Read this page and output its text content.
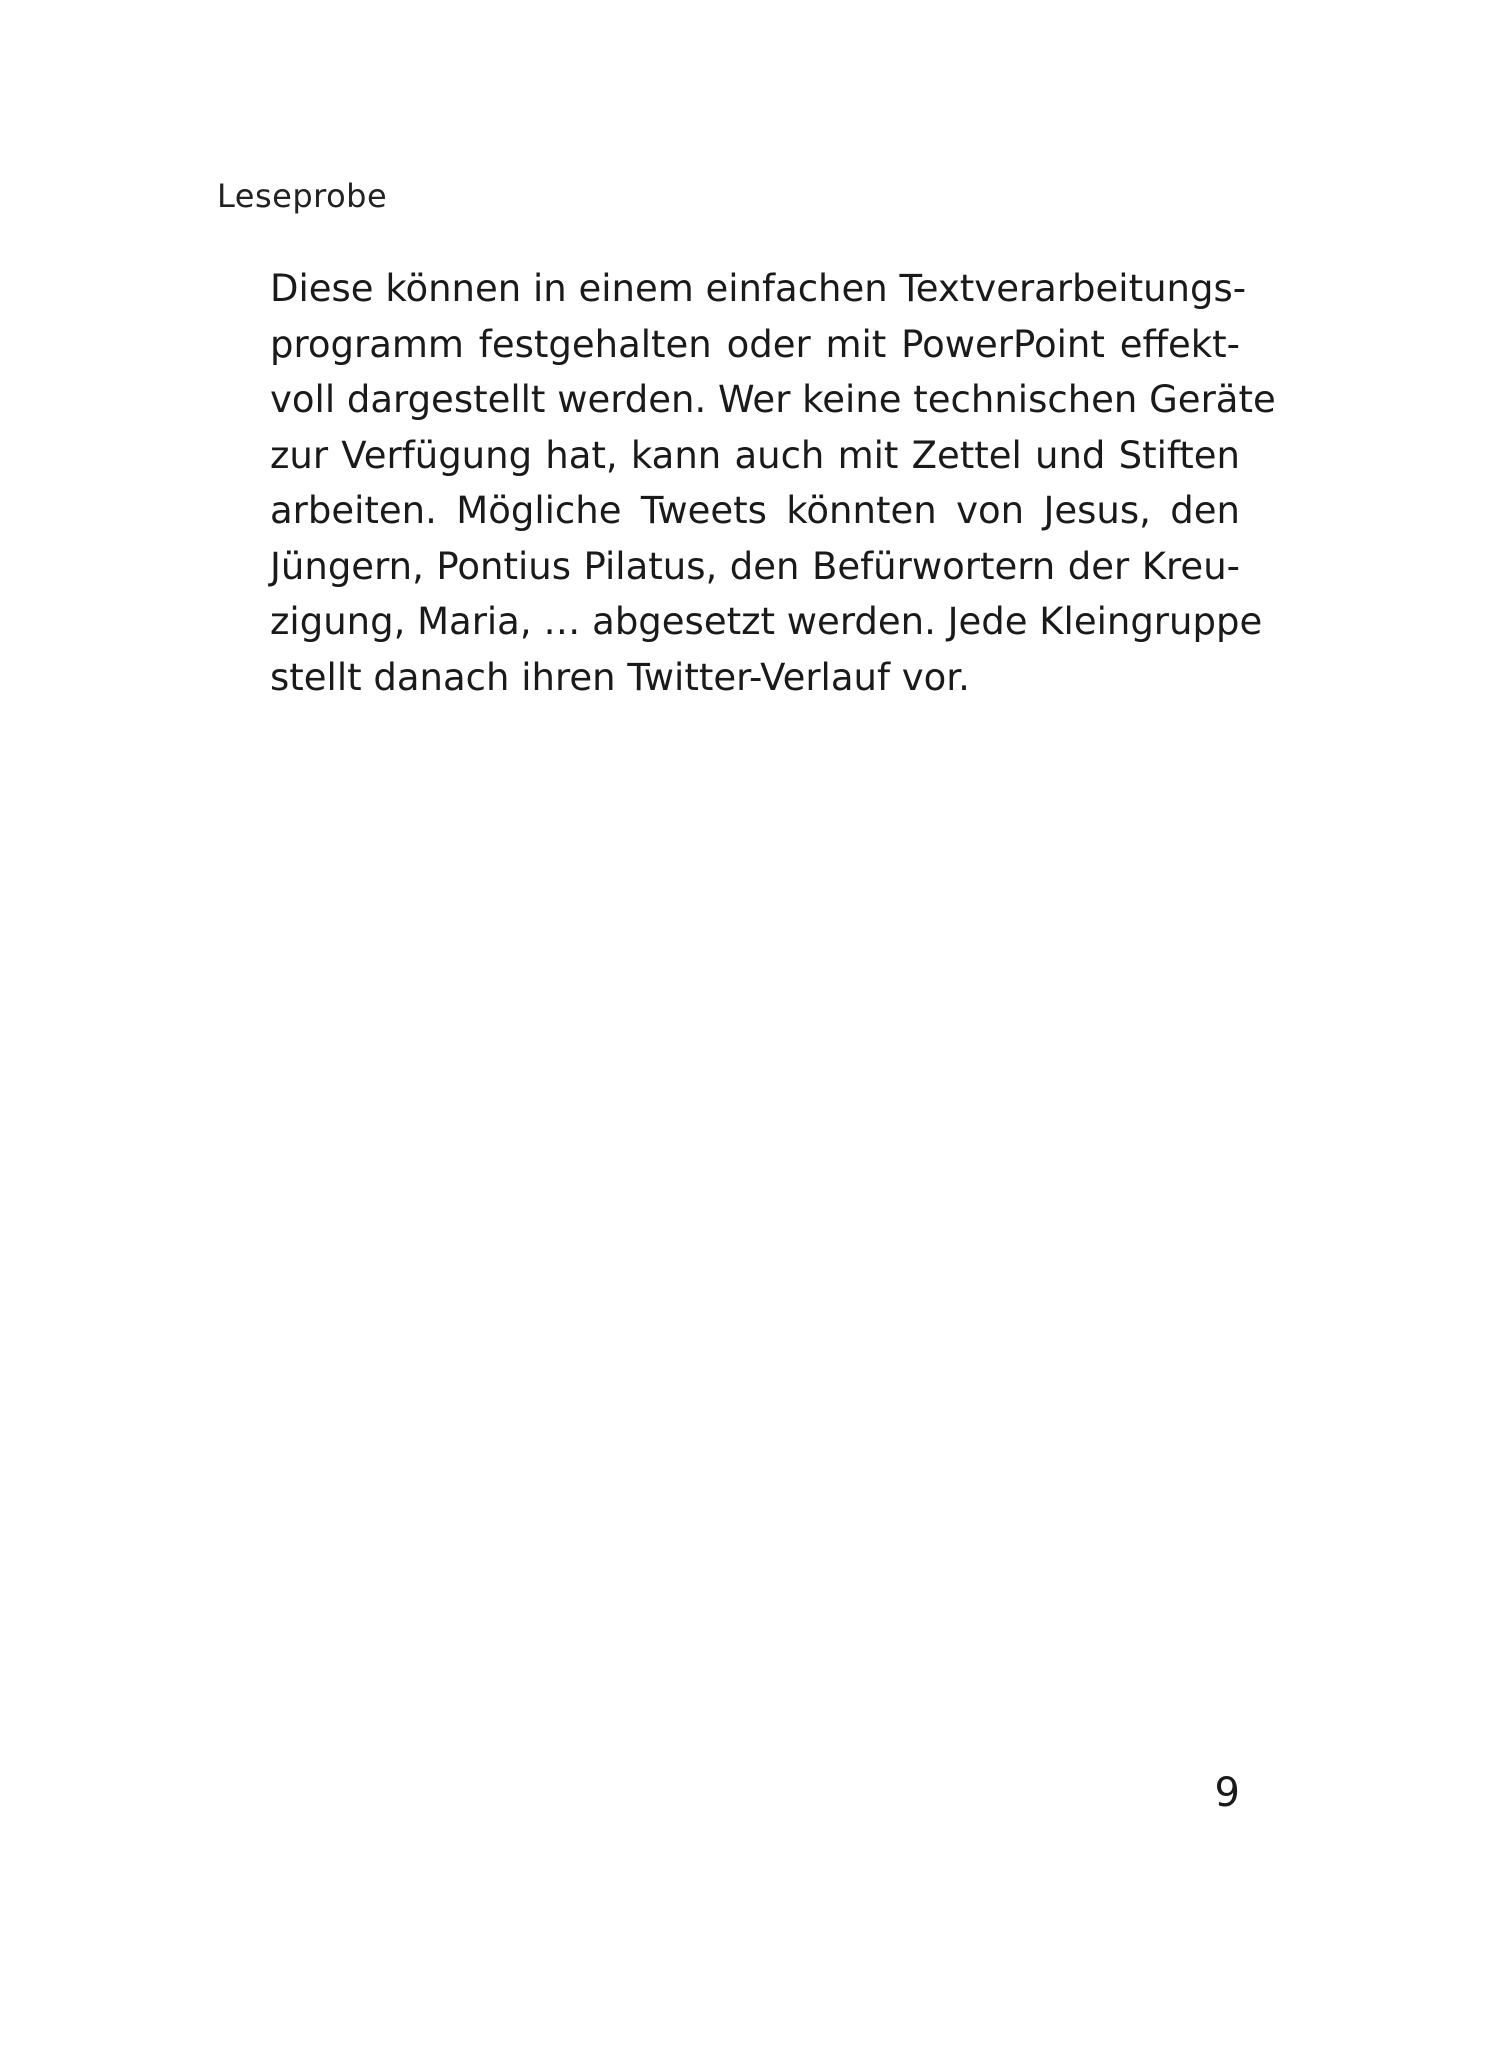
Leseprobe
Diese können in einem einfachen Textverarbeitungs-
programm festgehalten oder mit PowerPoint effekt-
voll dargestellt werden. Wer keine technischen Geräte
zur Verfügung hat, kann auch mit Zettel und Stiften
arbeiten. Mögliche Tweets könnten von Jesus, den
Jüngern, Pontius Pilatus, den Befürwortern der Kreu-
zigung, Maria, … abgesetzt werden. Jede Kleingruppe
stellt danach ihren Twitter-Verlauf vor.
9
